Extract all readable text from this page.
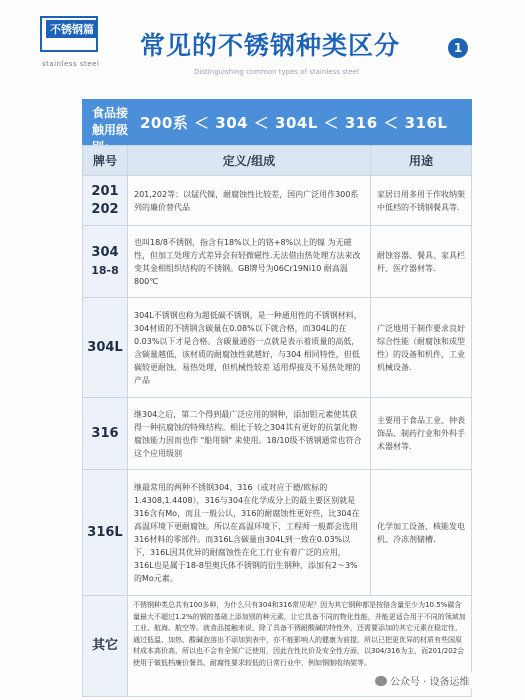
不锈钢篇
stainless steel
常见的不锈钢种类区分
Distinguishing common types of stainless steel
1
食品接触用级 200系 ＜ 304 ＜ 304L ＜ 316 ＜ 316L
牌号	定义/组成	用途
201
202
201,202等：以锰代镍，耐腐蚀性比较差，国内广泛用作300系列的廉价替代品
家居日用多用于作收纳架中低档的不锈钢餐具等.
304
18-8
也叫18/8不锈钢，指含有18%以上的铬+8%以上的镍 为无磁性，但加工处理方式差异会有轻微磁性.无法借由热处理方法来改变其金相组织结构的不锈钢。GB牌号为06Cr19Ni10 耐高温800℃
耐蚀容器、餐具、家具栏杆、医疗器材等.
304L
304L不锈钢也称为超低碳不锈钢，是一种通用性的不锈钢材料，304材质的不锈钢含碳量在0.08%以下就合格，而304L的在0.03%以下才是合格。含碳量通俗一点就是表示着质量的高低，含碳量越低，该材质的耐腐蚀性就越好，与304 相同特性，但低碳较更耐蚀、易热处理，但机械性较差 适用焊接及不易热处理的产品
广泛地用于制作要求良好综合性能（耐腐蚀和成型性）的设备和机件，工业机械设备.
316
继304之后，第二个得到最广泛应用的钢种，添加钼元素使其获得一种抗腐蚀的特殊结构。相比于较之304其有更好的抗氯化物腐蚀能力因而也作 "船用钢" 来使用。18/10级不锈钢通常也符合这个应用级别
主要用于食品工业、钟表饰品、制药行业和外科手术器材等.
316L
继最常用的两种不锈钢304、316（或对应于德/欧标的1.4308,1.4408），316与304在化学成分上的最主要区别就是316含有Mo，而且一般公认，316的耐腐蚀性更好些，比304在高温环境下更耐腐蚀。所以在高温环境下，工程师一般都会选用316材料的零部件。而316L含碳量由304L到一致在0.03%以下，316L因其优异的耐腐蚀性在化工行业有着广泛的应用，316L也是属于18-8型奥氏体不锈钢的衍生钢种，添加有2～3%的Mo元素。
化学加工设备、核能发电机、冷冻剂储槽.
其它
不锈钢种类总共有100多种，为什么只有304和316常见呢？因为其它钢种都是按铬含量至少为10.5%碳含量最大不超过1.2%的钢的基础上添加别的种元素，让它具备不同的物化性能，并能更适合用于不同的领域加工业、航海、航空等。就食品接触来说，除了具备不锈耐酸碱的特性外，还需要添加的其它元素在稳定性，通过低温、加热、酸碱泡溶出不添加到表中，亦不能影响人的健康为前提，所以已把更优异的材质有些国原材成本高价高，所以也不会有全领广泛使用，因此在性比价及安全性方面，以304/316为主，而201/202会使用于做低档廉价餐具、耐腐性要求较低的日常行业中，例如钢制收纳架等。
公众号 · 设备运维
